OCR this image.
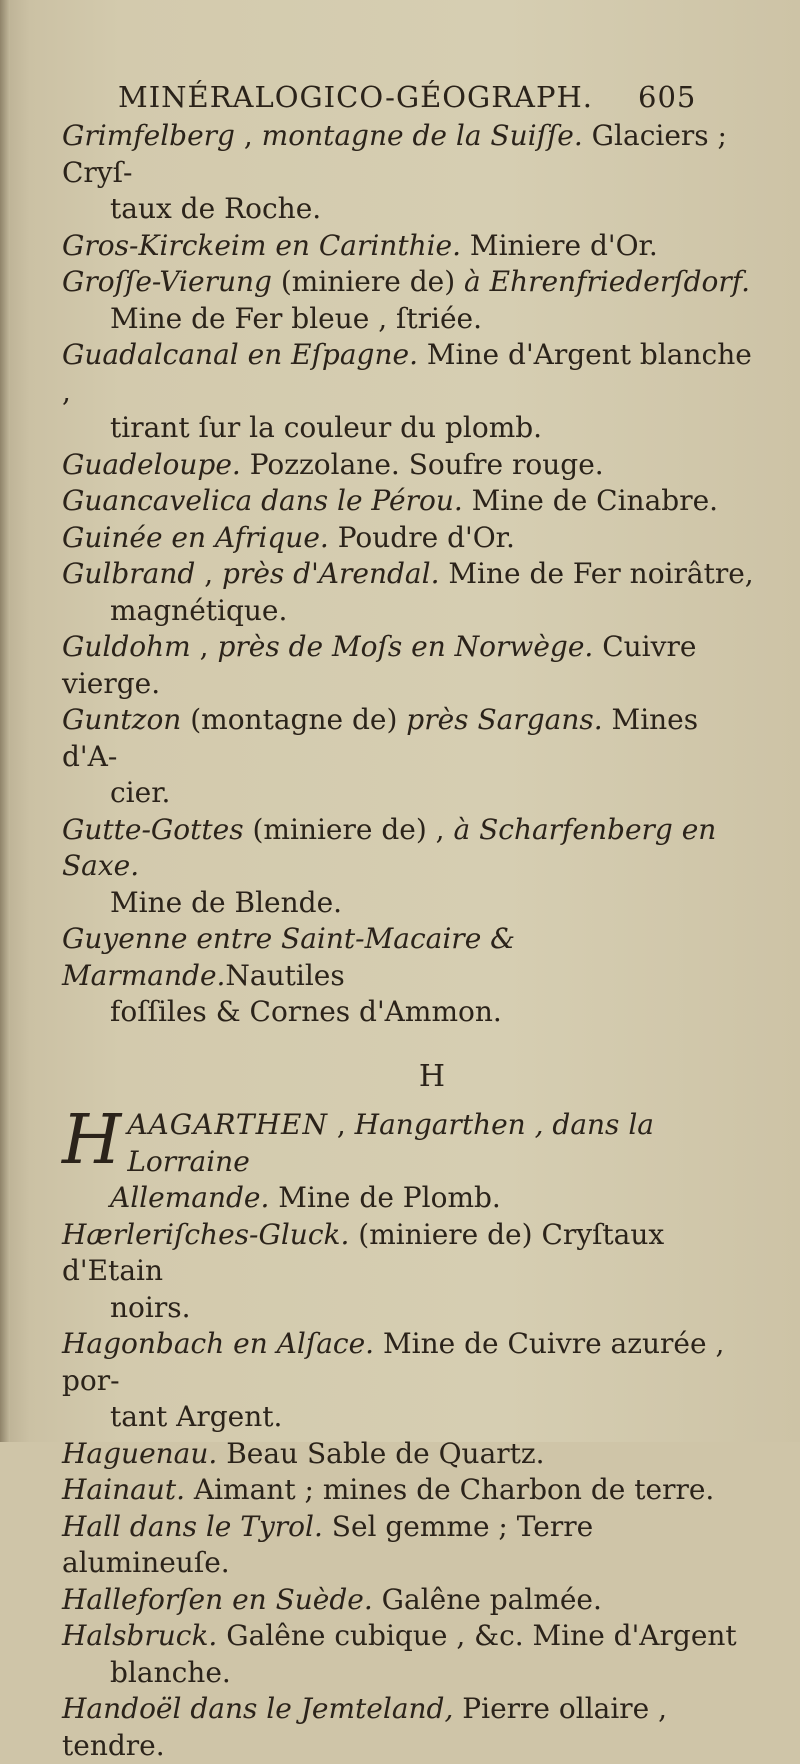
MINÉRALOGICO-GÉOGRAPH. 605

Grimfelberg , montagne de la Suiſſe. Glaciers ; Cryſ-

taux de Roche.

Gros-Kirckeim en Carinthie. Miniere d'Or.

Groſſe-Vierung (miniere de) à Ehrenfriederſdorf.

Mine de Fer bleue , ſtriée.

Guadalcanal en Eſpagne. Mine d'Argent blanche ,

tirant ſur la couleur du plomb.

Guadeloupe. Pozzolane. Soufre rouge.

Guancavelica dans le Pérou. Mine de Cinabre.

Guinée en Afrique. Poudre d'Or.

Gulbrand , près d'Arendal. Mine de Fer noirâtre,

magnétique.

Guldohm , près de Moſs en Norwège. Cuivre vierge.

Guntzon (montagne de) près Sargans. Mines d'A-

cier.

Gutte-Gottes (miniere de) , à Scharfenberg en Saxe.

Mine de Blende.

Guyenne entre Saint-Macaire & Marmande.Nautiles

foſſiles & Cornes d'Ammon.

H

H AAGARTHEN , Hangarthen , dans la Lorraine

Allemande. Mine de Plomb.

Hærleriſches-Gluck. (miniere de) Cryſtaux d'Etain

noirs.

Hagonbach en Alſace. Mine de Cuivre azurée , por-

tant Argent.

Haguenau. Beau Sable de Quartz.

Hainaut. Aimant ; mines de Charbon de terre.

Hall dans le Tyrol. Sel gemme ; Terre alumineuſe.

Halleforſen en Suède. Galêne palmée.

Halsbruck. Galêne cubique , &c. Mine d'Argent

blanche.

Handoël dans le Jemteland, Pierre ollaire , tendre.
